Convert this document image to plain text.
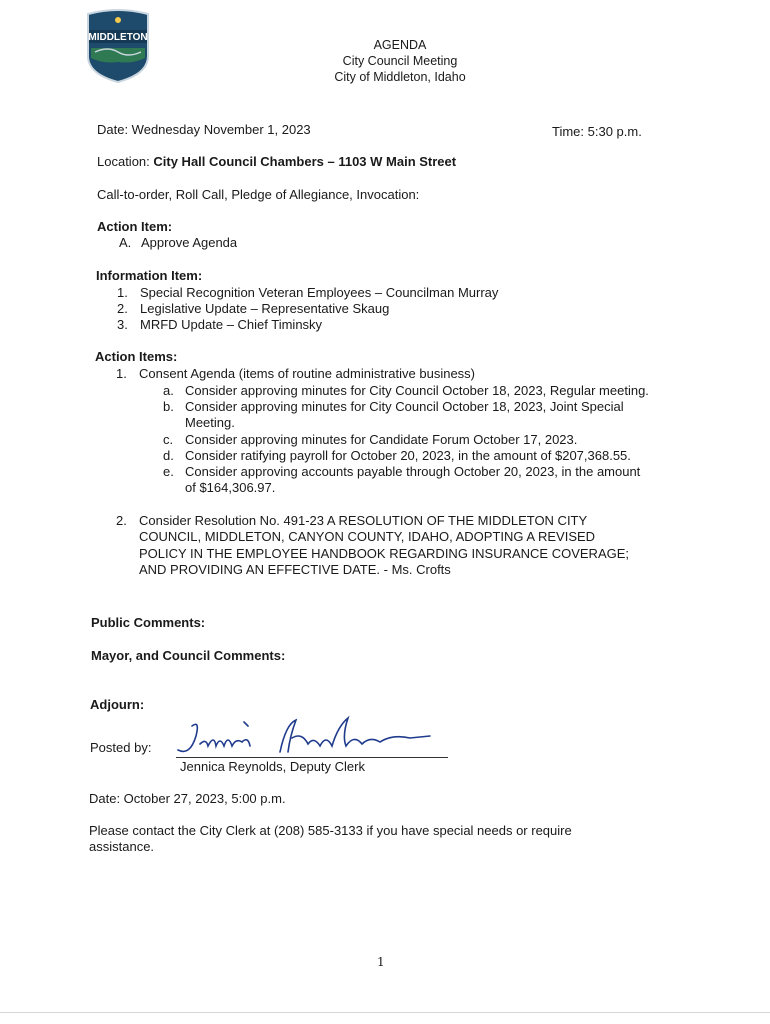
MIDDLETON
AGENDA
City Council Meeting
City of Middleton, Idaho
Date: Wednesday November 1, 2023	Time: 5:30 p.m.
Location: City Hall Council Chambers – 1103 W Main Street
Call-to-order, Roll Call, Pledge of Allegiance, Invocation:
Action Item:
A. Approve Agenda
Information Item:
1. Special Recognition Veteran Employees – Councilman Murray
2. Legislative Update – Representative Skaug
3. MRFD Update – Chief Timinsky
Action Items:
1. Consent Agenda (items of routine administrative business)
a. Consider approving minutes for City Council October 18, 2023, Regular meeting.
b. Consider approving minutes for City Council October 18, 2023, Joint Special
Meeting.
c. Consider approving minutes for Candidate Forum October 17, 2023.
d. Consider ratifying payroll for October 20, 2023, in the amount of $207,368.55.
e. Consider approving accounts payable through October 20, 2023, in the amount
of $164,306.97.
2. Consider Resolution No. 491-23 A RESOLUTION OF THE MIDDLETON CITY
COUNCIL, MIDDLETON, CANYON COUNTY, IDAHO, ADOPTING A REVISED
POLICY IN THE EMPLOYEE HANDBOOK REGARDING INSURANCE COVERAGE;
AND PROVIDING AN EFFECTIVE DATE. - Ms. Crofts
Public Comments:
Mayor, and Council Comments:
Adjourn:
Posted by:
Jennica Reynolds, Deputy Clerk
Date: October 27, 2023, 5:00 p.m.
Please contact the City Clerk at (208) 585-3133 if you have special needs or require
assistance.
1
